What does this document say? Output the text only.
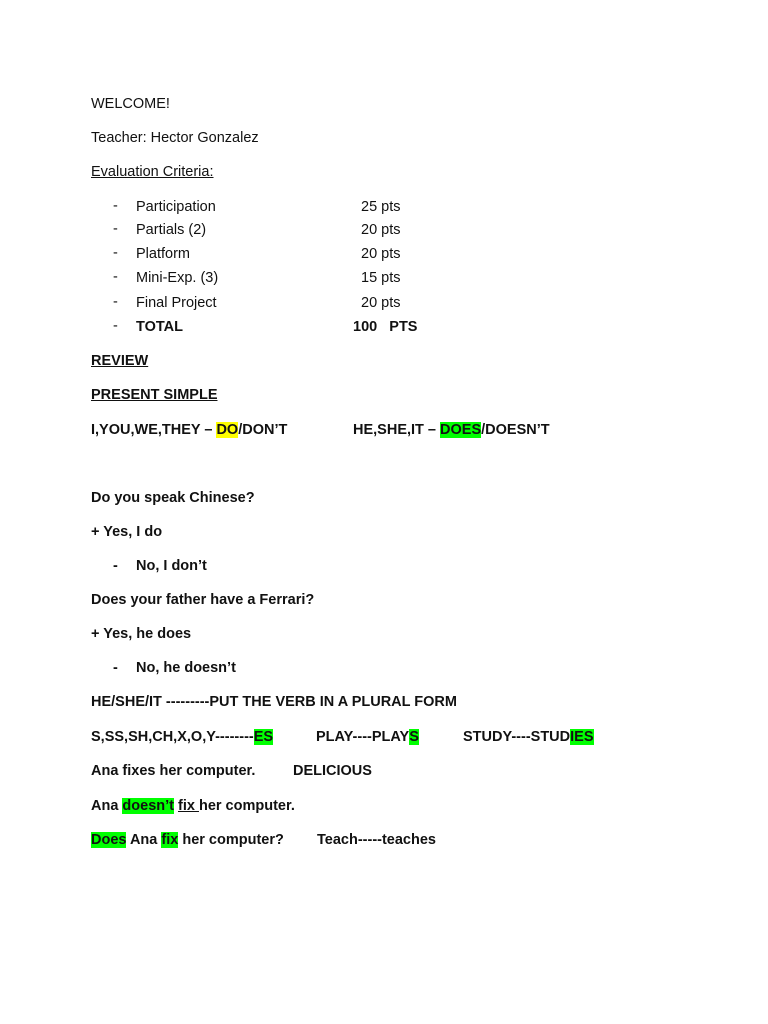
WELCOME!
Teacher: Hector Gonzalez
Evaluation Criteria:
- Participation	25 pts
- Partials (2)	20 pts
- Platform	20 pts
- Mini-Exp. (3)	15 pts
- Final Project	20 pts
- TOTAL	100   PTS
REVIEW
PRESENT SIMPLE
I,YOU,WE,THEY – DO/DON’T	HE,SHE,IT – DOES/DOESN’T
Do you speak Chinese?
+ Yes, I do
- No, I don’t
Does your father have a Ferrari?
+ Yes, he does
- No, he doesn’t
HE/SHE/IT ---------PUT THE VERB IN A PLURAL FORM
S,SS,SH,CH,X,O,Y--------ES	PLAY----PLAYS	STUDY----STUDIES
Ana fixes her computer.	DELICIOUS
Ana doesn’t fix her computer.
Does Ana fix her computer? Teach-----teaches
